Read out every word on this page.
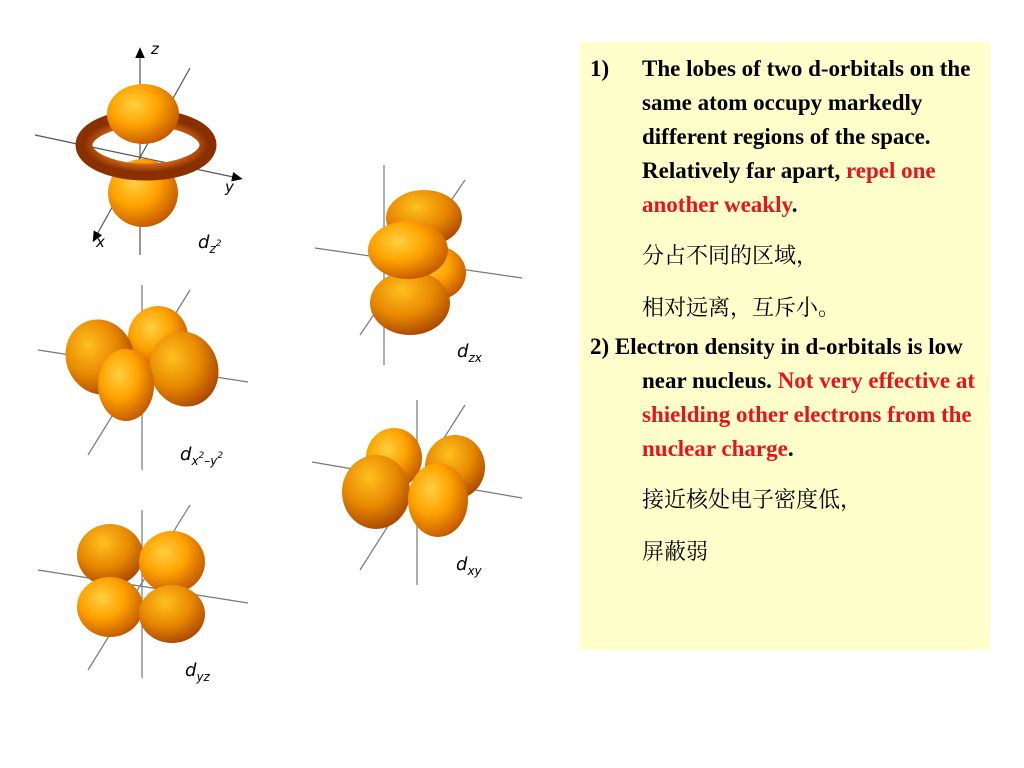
z
y
x	$d_z^2$
$d_{zx}$
$d_x^2_-y^2$
$d_{xy}$
$d_{yz}$
1) The lobes of two d-orbitals on the same atom occupy markedly different regions of the space. Relatively far apart, repel one another weakly.
分占不同的区域，
相对远离，互斥小。
2) Electron density in d-orbitals is low near nucleus. Not very effective at shielding other electrons from the nuclear charge.
接近核处电子密度低，
屏蔽弱
